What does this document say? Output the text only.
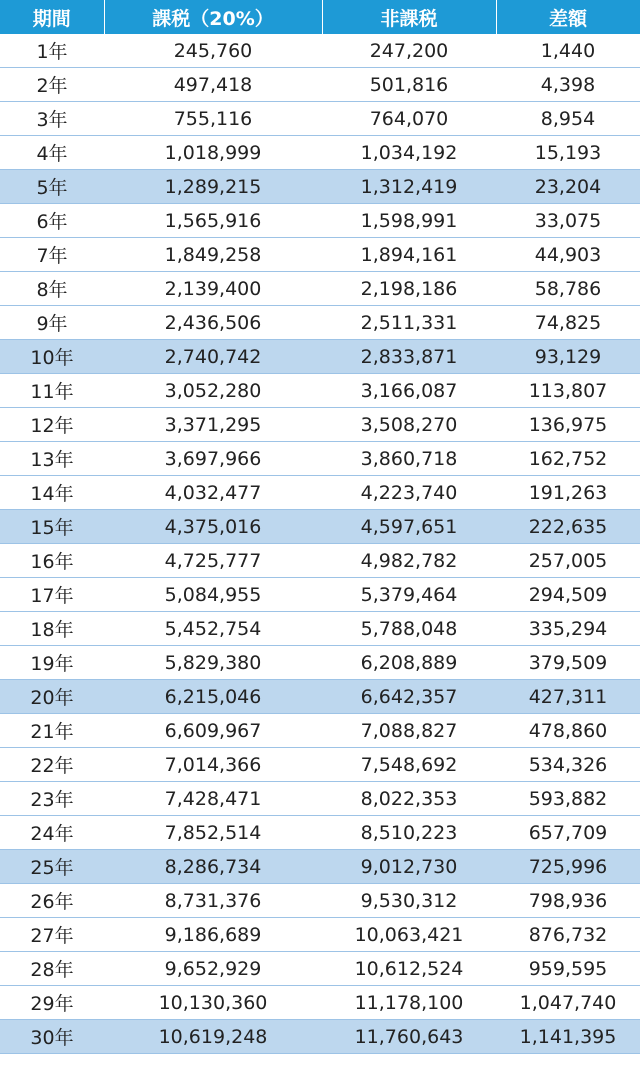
期間	課税（20%）	非課税	差額
1年	245,760	247,200	1,440
2年	497,418	501,816	4,398
3年	755,116	764,070	8,954
4年	1,018,999	1,034,192	15,193
5年	1,289,215	1,312,419	23,204
6年	1,565,916	1,598,991	33,075
7年	1,849,258	1,894,161	44,903
8年	2,139,400	2,198,186	58,786
9年	2,436,506	2,511,331	74,825
10年	2,740,742	2,833,871	93,129
11年	3,052,280	3,166,087	113,807
12年	3,371,295	3,508,270	136,975
13年	3,697,966	3,860,718	162,752
14年	4,032,477	4,223,740	191,263
15年	4,375,016	4,597,651	222,635
16年	4,725,777	4,982,782	257,005
17年	5,084,955	5,379,464	294,509
18年	5,452,754	5,788,048	335,294
19年	5,829,380	6,208,889	379,509
20年	6,215,046	6,642,357	427,311
21年	6,609,967	7,088,827	478,860
22年	7,014,366	7,548,692	534,326
23年	7,428,471	8,022,353	593,882
24年	7,852,514	8,510,223	657,709
25年	8,286,734	9,012,730	725,996
26年	8,731,376	9,530,312	798,936
27年	9,186,689	10,063,421	876,732
28年	9,652,929	10,612,524	959,595
29年	10,130,360	11,178,100	1,047,740
30年	10,619,248	11,760,643	1,141,395
